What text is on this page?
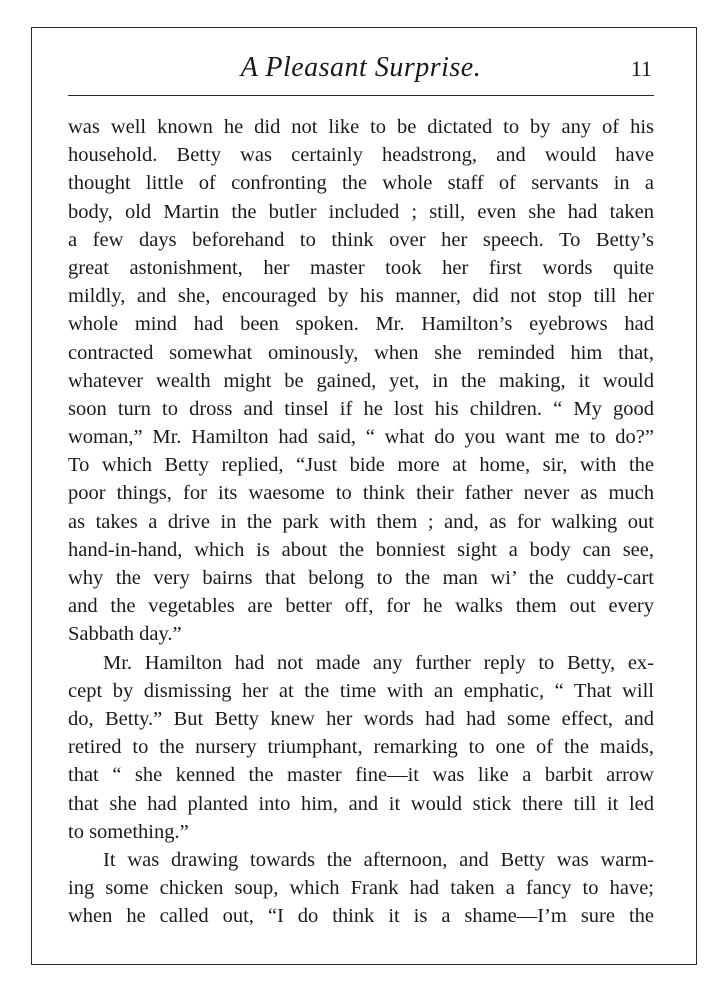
A Pleasant Surprise.	11
was well known he did not like to be dictated to by any of his
household. Betty was certainly headstrong, and would have
thought little of confronting the whole staff of servants in a
body, old Martin the butler included ; still, even she had taken
a few days beforehand to think over her speech. To Betty’s
great astonishment, her master took her first words quite
mildly, and she, encouraged by his manner, did not stop till her
whole mind had been spoken. Mr. Hamilton’s eyebrows had
contracted somewhat ominously, when she reminded him that,
whatever wealth might be gained, yet, in the making, it would
soon turn to dross and tinsel if he lost his children. “ My good
woman,” Mr. Hamilton had said, “ what do you want me to do?”
To which Betty replied, “Just bide more at home, sir, with the
poor things, for its waesome to think their father never as much
as takes a drive in the park with them ; and, as for walking out
hand-in-hand, which is about the bonniest sight a body can see,
why the very bairns that belong to the man wi’ the cuddy-cart
and the vegetables are better off, for he walks them out every
Sabbath day.”
Mr. Hamilton had not made any further reply to Betty, ex-
cept by dismissing her at the time with an emphatic, “ That will
do, Betty.” But Betty knew her words had had some effect, and
retired to the nursery triumphant, remarking to one of the maids,
that “ she kenned the master fine—it was like a barbit arrow
that she had planted into him, and it would stick there till it led
to something.”
It was drawing towards the afternoon, and Betty was warm-
ing some chicken soup, which Frank had taken a fancy to have;
when he called out, “I do think it is a shame—I’m sure the
